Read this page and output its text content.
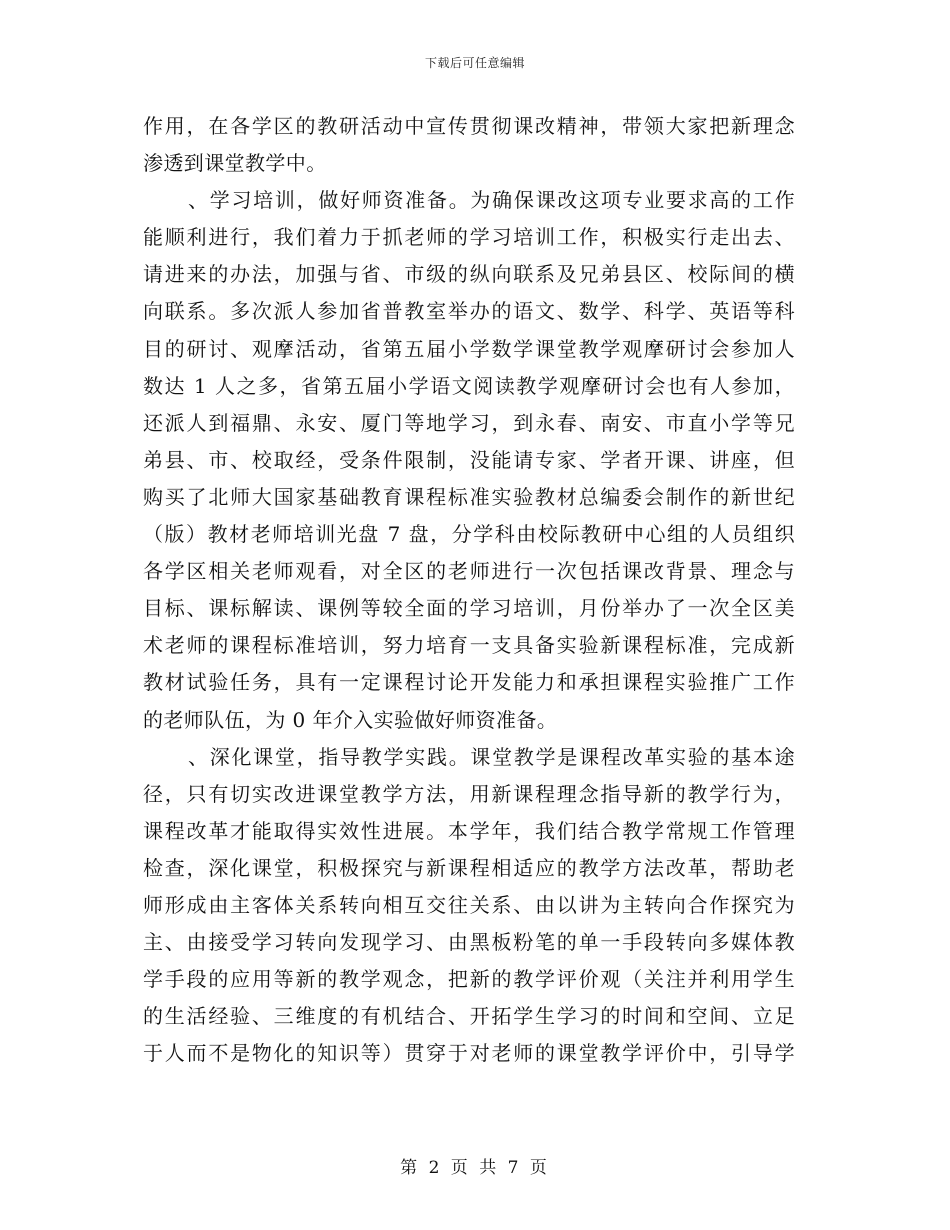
下载后可任意编辑
作用，在各学区的教研活动中宣传贯彻课改精神，带领大家把新理念
渗透到课堂教学中。
、学习培训，做好师资准备。为确保课改这项专业要求高的工作
能顺利进行，我们着力于抓老师的学习培训工作，积极实行走出去、
请进来的办法，加强与省、市级的纵向联系及兄弟县区、校际间的横
向联系。多次派人参加省普教室举办的语文、数学、科学、英语等科
目的研讨、观摩活动，省第五届小学数学课堂教学观摩研讨会参加人
数达 1 人之多，省第五届小学语文阅读教学观摩研讨会也有人参加，
还派人到福鼎、永安、厦门等地学习，到永春、南安、市直小学等兄
弟县、市、校取经，受条件限制，没能请专家、学者开课、讲座，但
购买了北师大国家基础教育课程标准实验教材总编委会制作的新世纪
（版）教材老师培训光盘 7 盘，分学科由校际教研中心组的人员组织
各学区相关老师观看，对全区的老师进行一次包括课改背景、理念与
目标、课标解读、课例等较全面的学习培训，月份举办了一次全区美
术老师的课程标准培训，努力培育一支具备实验新课程标准，完成新
教材试验任务，具有一定课程讨论开发能力和承担课程实验推广工作
的老师队伍，为 0 年介入实验做好师资准备。
、深化课堂，指导教学实践。课堂教学是课程改革实验的基本途
径，只有切实改进课堂教学方法，用新课程理念指导新的教学行为，
课程改革才能取得实效性进展。本学年，我们结合教学常规工作管理
检查，深化课堂，积极探究与新课程相适应的教学方法改革，帮助老
师形成由主客体关系转向相互交往关系、由以讲为主转向合作探究为
主、由接受学习转向发现学习、由黑板粉笔的单一手段转向多媒体教
学手段的应用等新的教学观念，把新的教学评价观（关注并利用学生
的生活经验、三维度的有机结合、开拓学生学习的时间和空间、立足
于人而不是物化的知识等）贯穿于对老师的课堂教学评价中，引导学
第 2 页 共 7 页
